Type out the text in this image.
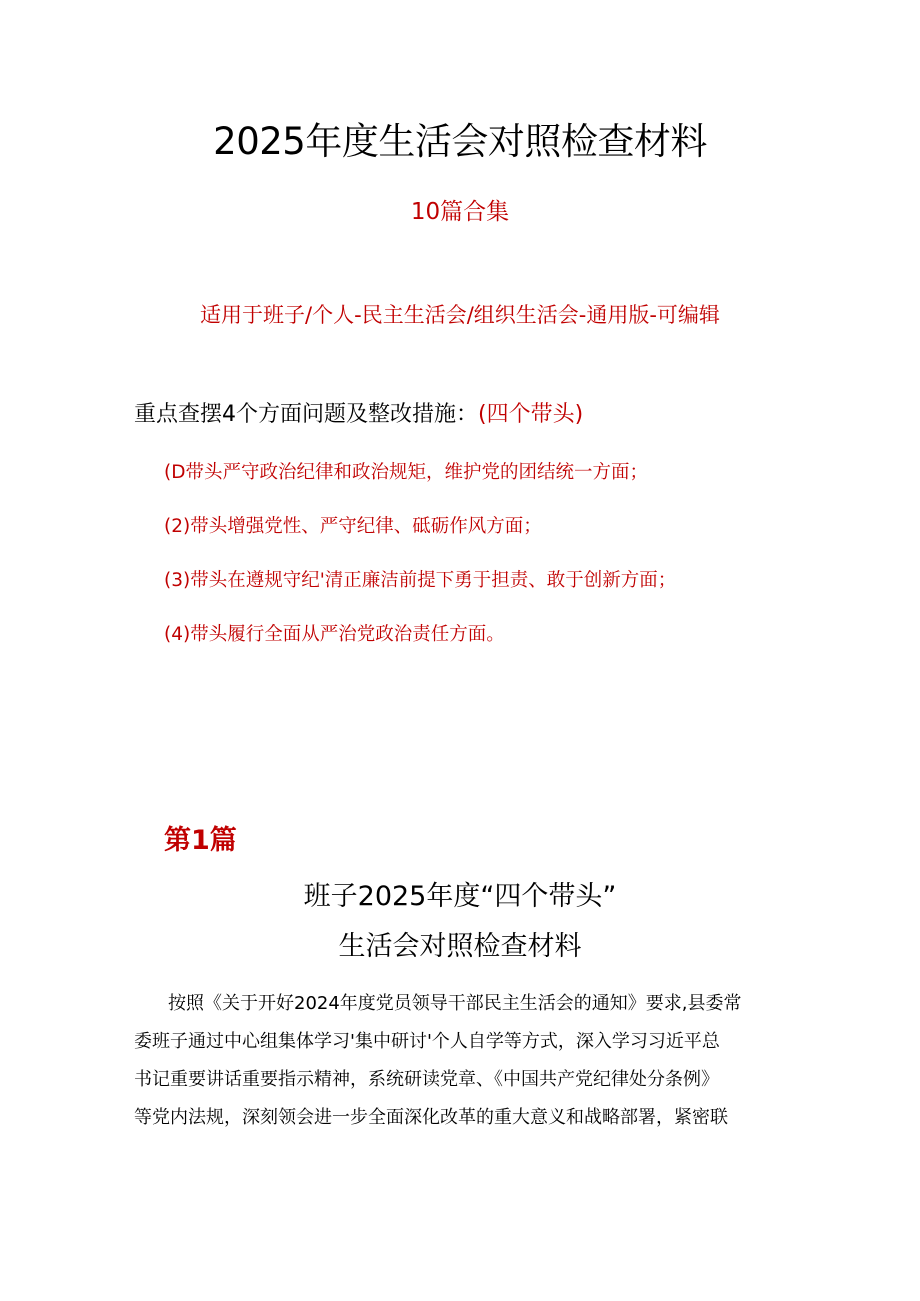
2025年度生活会对照检查材料
10篇合集
适用于班子/个人-民主生活会/组织生活会-通用版-可编辑
重点查摆4个方面问题及整改措施：(四个带头)
(D带头严守政治纪律和政治规矩，维护党的团结统一方面；
(2)带头增强党性、严守纪律、砥砺作风方面；
(3)带头在遵规守纪'清正廉洁前提下勇于担责、敢于创新方面；
(4)带头履行全面从严治党政治责任方面。
第1篇
班子2025年度“四个带头”
生活会对照检查材料

按照《关于开好2024年度党员领导干部民主生活会的通知》要求,县委常
委班子通过中心组集体学习'集中研讨'个人自学等方式，深入学习习近平总
书记重要讲话重要指示精神，系统研读党章、《中国共产党纪律处分条例》
等党内法规，深刻领会进一步全面深化改革的重大意义和战略部署，紧密联
